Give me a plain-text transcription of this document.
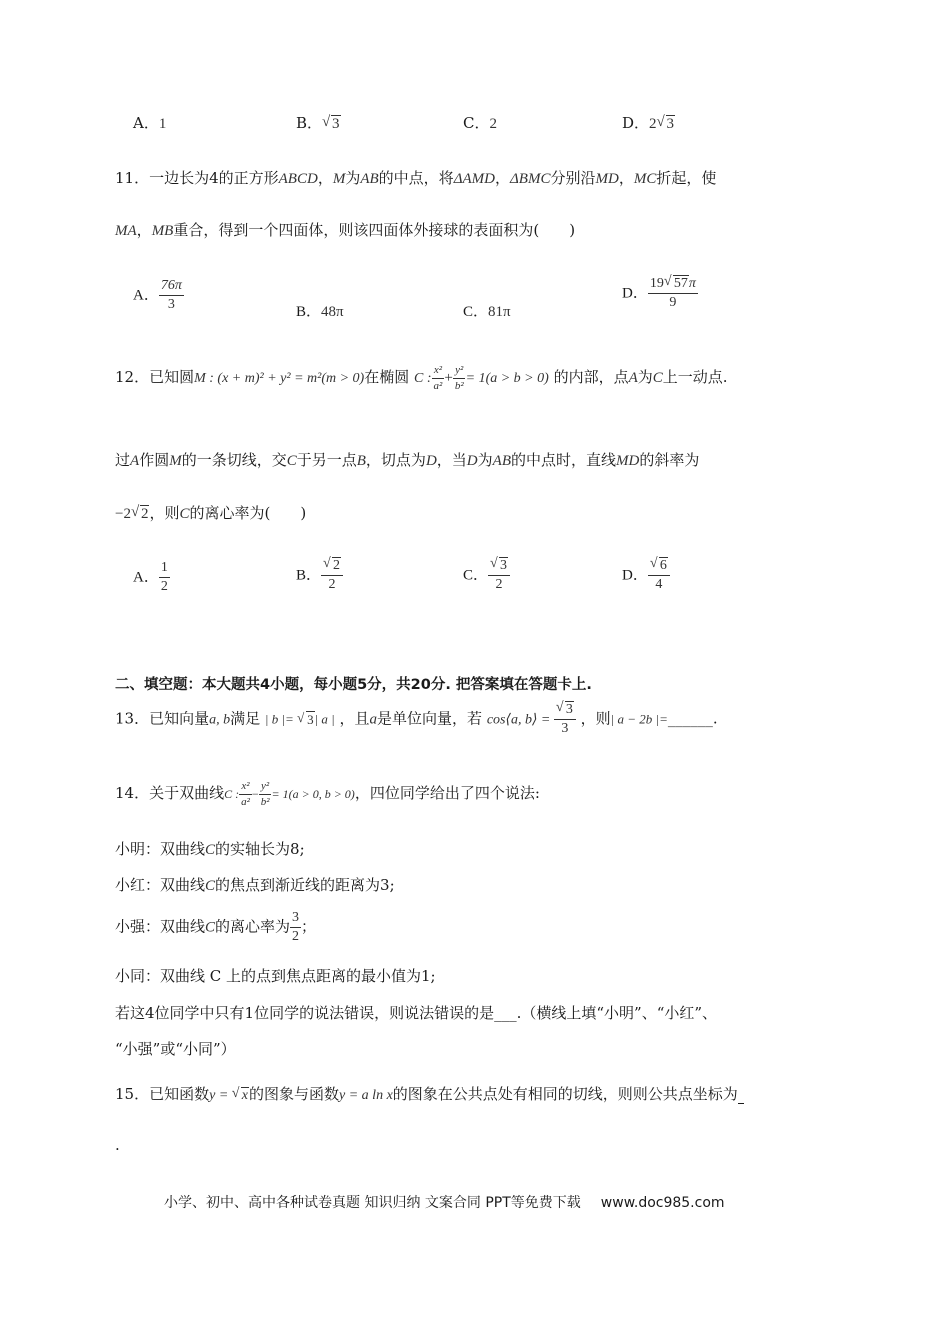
A．1	B． √ 3	C．2	D．2 √ 3
11．一边长为4的正方形ABCD，M为AB的中点，将ΔAMD，ΔBMC分别沿MD，MC折起，使
MA，MB重合，得到一个四面体，则该四面体外接球的表面积为(　　)
A． $\frac{76\pi}{3}$	B．48π	C．81π
D． $\frac{19 √ 57\pi}{9}$
12．已知圆M : (x + m)² + y² = m²(m > 0)在椭圆 C : $\frac{\text{x²}}{\text{a²}} + \frac{\text{y²}}{\text{b²}} = 1(a > b > 0)$ 的内部，点A为C上一动点.
过A作圆M的一条切线，交C于另一点B，切点为D，当D为AB的中点时，直线MD的斜率为
−2 √ 2，则C的离心率为(　　)
A． $\frac{1}{2}$	B． √ $\frac{2}{2}$	C． √ $\frac{3}{2}$	D． √ $\frac{6}{4}$
二、填空题：本大题共4小题，每小题5分，共20分. 把答案填在答题卡上.
13．已知向量a, b满足 | b |= √ 3| a | ，且a是单位向量，若 cos⟨a, b⟩ = √ $\frac{3}{3}$ ，则| a − 2b |=______.
14．关于双曲线C : $\frac{\text{x²}}{\text{a²}} - \frac{\text{y²}}{\text{b²}} = 1(a > 0$, b > 0)，四位同学给出了四个说法:
小明：双曲线C的实轴长为8;
小红：双曲线C的焦点到渐近线的距离为3;
小强：双曲线C的离心率为 $\frac{3}{2}$ ；
小同：双曲线 C 上的点到焦点距离的最小值为1;
若这4位同学中只有1位同学的说法错误，则说法错误的是___.（横线上填“小明”、“小红”、
“小强”或“小同”）
15．已知函数y = √ x的图象与函数y = a ln x的图象在公共点处有相同的切线，则则公共点坐标为
.
小学、初中、高中各种试卷真题 知识归纳 文案合同 PPT等免费下载 www.doc985.com
